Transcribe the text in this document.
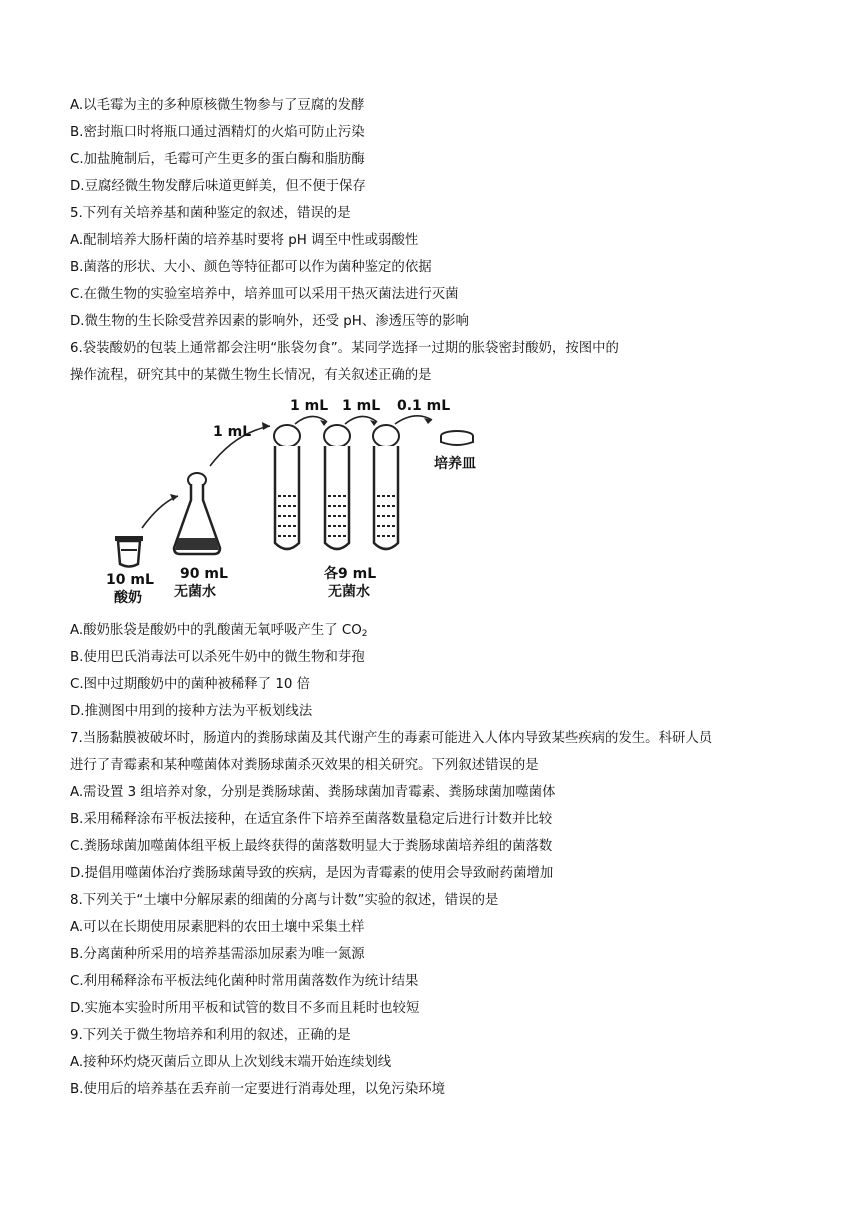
A.以毛霉为主的多种原核微生物参与了豆腐的发酵
B.密封瓶口时将瓶口通过酒精灯的火焰可防止污染
C.加盐腌制后，毛霉可产生更多的蛋白酶和脂肪酶
D.豆腐经微生物发酵后味道更鲜美，但不便于保存
5.下列有关培养基和菌种鉴定的叙述，错误的是
A.配制培养大肠杆菌的培养基时要将 pH 调至中性或弱酸性
B.菌落的形状、大小、颜色等特征都可以作为菌种鉴定的依据
C.在微生物的实验室培养中，培养皿可以采用干热灭菌法进行灭菌
D.微生物的生长除受营养因素的影响外，还受 pH、渗透压等的影响
6.袋装酸奶的包装上通常都会注明“胀袋勿食”。某同学选择一过期的胀袋密封酸奶，按图中的
操作流程，研究其中的某微生物生长情况，有关叙述正确的是
1 mL
1 mL 1 mL 0.1 mL
培养皿
10 mL
酸奶
90 mL
无菌水
各9 mL
无菌水
A.酸奶胀袋是酸奶中的乳酸菌无氧呼吸产生了 $CO_2$
B.使用巴氏消毒法可以杀死牛奶中的微生物和芽孢
C.图中过期酸奶中的菌种被稀释了 10 倍
D.推测图中用到的接种方法为平板划线法
7.当肠黏膜被破坏时，肠道内的粪肠球菌及其代谢产生的毒素可能进入人体内导致某些疾病的发生。科研人员
进行了青霉素和某种噬菌体对粪肠球菌杀灭效果的相关研究。下列叙述错误的是
A.需设置 3 组培养对象，分别是粪肠球菌、粪肠球菌加青霉素、粪肠球菌加噬菌体
B.采用稀释涂布平板法接种，在适宜条件下培养至菌落数量稳定后进行计数并比较
C.粪肠球菌加噬菌体组平板上最终获得的菌落数明显大于粪肠球菌培养组的菌落数
D.提倡用噬菌体治疗粪肠球菌导致的疾病，是因为青霉素的使用会导致耐药菌增加
8.下列关于“土壤中分解尿素的细菌的分离与计数”实验的叙述，错误的是
A.可以在长期使用尿素肥料的农田土壤中采集土样
B.分离菌种所采用的培养基需添加尿素为唯一氮源
C.利用稀释涂布平板法纯化菌种时常用菌落数作为统计结果
D.实施本实验时所用平板和试管的数目不多而且耗时也较短
9.下列关于微生物培养和利用的叙述，正确的是
A.接种环灼烧灭菌后立即从上次划线末端开始连续划线
B.使用后的培养基在丢弃前一定要进行消毒处理，以免污染环境
